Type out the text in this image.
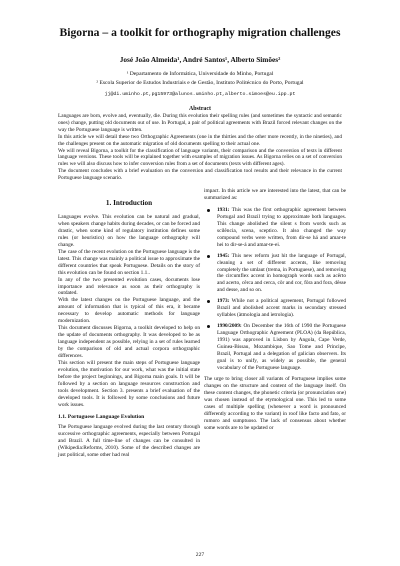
Bigorna – a toolkit for orthography migration challenges
José João Almeida¹, André Santos¹, Alberto Simões²
¹ Departamento de Informática, Universidade do Minho, Portugal
² Escola Superior de Estudos Industriais e de Gestão, Instituto Politécnico do Porto, Portugal
jj@di.uminho.pt,pg15973@alunos.uminho.pt,alberto.simoes@eu.ipp.pt
Abstract

Languages are born, evolve and, eventually, die. During this evolution their spelling rules (and sometimes the syntactic and semantic ones) change, putting old documents out of use. In Portugal, a pair of political agreements with Brazil forced relevant changes on the way the Portuguese language is written.

In this article we will detail these two Orthographic Agreements (one in the thirties and the other more recently, in the nineties), and the challenges present on the automatic migration of old documents spelling to their actual one.

We will reveal Bigorna, a toolkit for the classification of language variants, their comparison and the conversion of texts in different language versions. These tools will be explained together with examples of migration issues. As Bigorna relies on a set of conversion rules we will also discuss how to infer conversion rules from a set of documents (texts with different ages).

The document concludes with a brief evaluation on the conversion and classification tool results and their relevance in the current Portuguese language scenario.

1. Introduction

Languages evolve. This evolution can be natural and gradual, when speakers change habits during decades, or can be forced and drastic, when some kind of regulatory institution defines some rules (or heuristics) on how the language orthography will change.

The case of the recent evolution on the Portuguese language is the latest. This change was mainly a political issue to approximate the different countries that speak Portuguese. Details on the story of this evolution can be found on section 1.1..

In any of the two presented evolution cases, documents lose importance and relevance as soon as their orthography is outdated.

With the latest changes on the Portuguese language, and the amount of information that is typical of this era, it became necessary to develop automatic methods for language modernization.

This document discusses Bigorna, a toolkit developed to help on the update of documents orthography. It was developed to be as language independent as possible, relying in a set of rules learned by the comparison of old and actual corpora orthographic differences.

This section will present the main steps of Portuguese language evolution, the motivation for our work, what was the initial state before the project beginnings, and Bigorna main goals. It will be followed by a section on language resources construction and tools development. Section 3. presents a brief evaluation of the developed tools. It is followed by some conclusions and future work issues.

1.1. Portuguese Language Evolution

The Portuguese language evolved during the last century through successive orthographic agreements, especially between Portugal and Brazil. A full time-line of changes can be consulted in (Wikipedia:Reforms, 2010). Some of the described changes are just political, some other had real

impact. In this article we are interested into the latest, that can be summarized as:

1931: This was the first orthographic agreement between Portugal and Brazil trying to approximate both languages. This change abolished the silent s from words such as scilência, scena, sceptico. It also changed the way compound verbs were written, from dir-se há and amar-te hei to dir-se-á and amar-te-ei.
1945: This new reform just hit the language of Portugal, cleaning a set of different accents, like removing completely the umlaut (trema, in Portuguese), and removing the circumflex accent in homograph words such as acêrto and acerto, cêrca and cerca, côr and cor, fôra and fora, dêsse and desse, and so on.
1973: While not a political agreement, Portugal followed Brazil and abolished accent marks in secondary stressed syllables (àtmologia and ìetrologia).
1990/2009: On December the 16th of 1990 the Portuguese Language Orthographic Agreement (PLOA) (da República, 1991) was approved in Lisbon by Angola, Cape Verde, Guinea-Bissau, Mozambique, Sao Tome and Principe, Brazil, Portugal and a delegation of galician observers. Its goal is to unify, as widely as possible, the general vocabulary of the Portuguese language.

The urge to bring closer all variants of Portuguese implies some changes on the structure and content of the language itself. On these content changes, the phonetic criteria (or pronunciation one) was chosen instead of the etymological one. This led to some cases of multiple spelling (whenever a word is pronounced differently according to the variant) in roof like facto and fato, or rumoro and sumptuoso. The lack of consensus about whether some words are to be updated or

227
